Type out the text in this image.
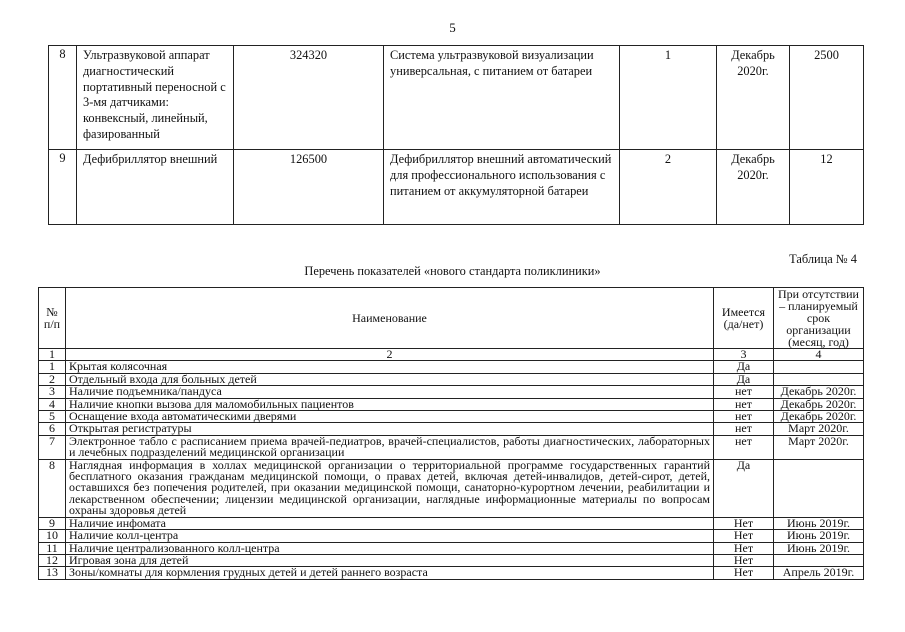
5
8	Ультразвуковой аппарат диагностический портативный переносной с 3-мя датчиками: конвексный, линейный, фазированный	324320	Система ультразвуковой визуализации универсальная, с питанием от батареи	1	Декабрь 2020г.	2500
9	Дефибриллятор внешний	126500	Дефибриллятор внешний автоматический для профессионального использования с питанием от аккумуляторной батареи	2	Декабрь 2020г.	12
Таблица № 4
Перечень показателей «нового стандарта поликлиники»
№ п/п	Наименование	Имеется (да/нет)	При отсутствии – планируемый срок организации (месяц, год)
1	2	3	4
1	Крытая колясочная	Да	
2	Отдельный входа для больных детей	Да	
3	Наличие подъемника/пандуса	нет	Декабрь 2020г.
4	Наличие кнопки вызова для маломобильных пациентов	нет	Декабрь 2020г.
5	Оснащение входа автоматическими дверями	нет	Декабрь 2020г.
6	Открытая регистратуры	нет	Март 2020г.
7	Электронное табло с расписанием приема врачей-педиатров, врачей-специалистов, работы диагностических, лабораторных и лечебных подразделений медицинской организации	нет	Март 2020г.
8	Наглядная информация в холлах медицинской организации о территориальной программе государственных гарантий бесплатного оказания гражданам медицинской помощи, о правах детей, включая детей-инвалидов, детей-сирот, детей, оставшихся без попечения родителей, при оказании медицинской помощи, санаторно-курортном лечении, реабилитации и лекарственном обеспечении; лицензии медицинской организации, наглядные информационные материалы по вопросам охраны здоровья детей	Да	
9	Наличие инфомата	Нет	Июнь 2019г.
10	Наличие колл-центра	Нет	Июнь 2019г.
11	Наличие централизованного колл-центра	Нет	Июнь 2019г.
12	Игровая зона для детей	Нет	
13	Зоны/комнаты для кормления грудных детей и детей раннего возраста	Нет	Апрель 2019г.
